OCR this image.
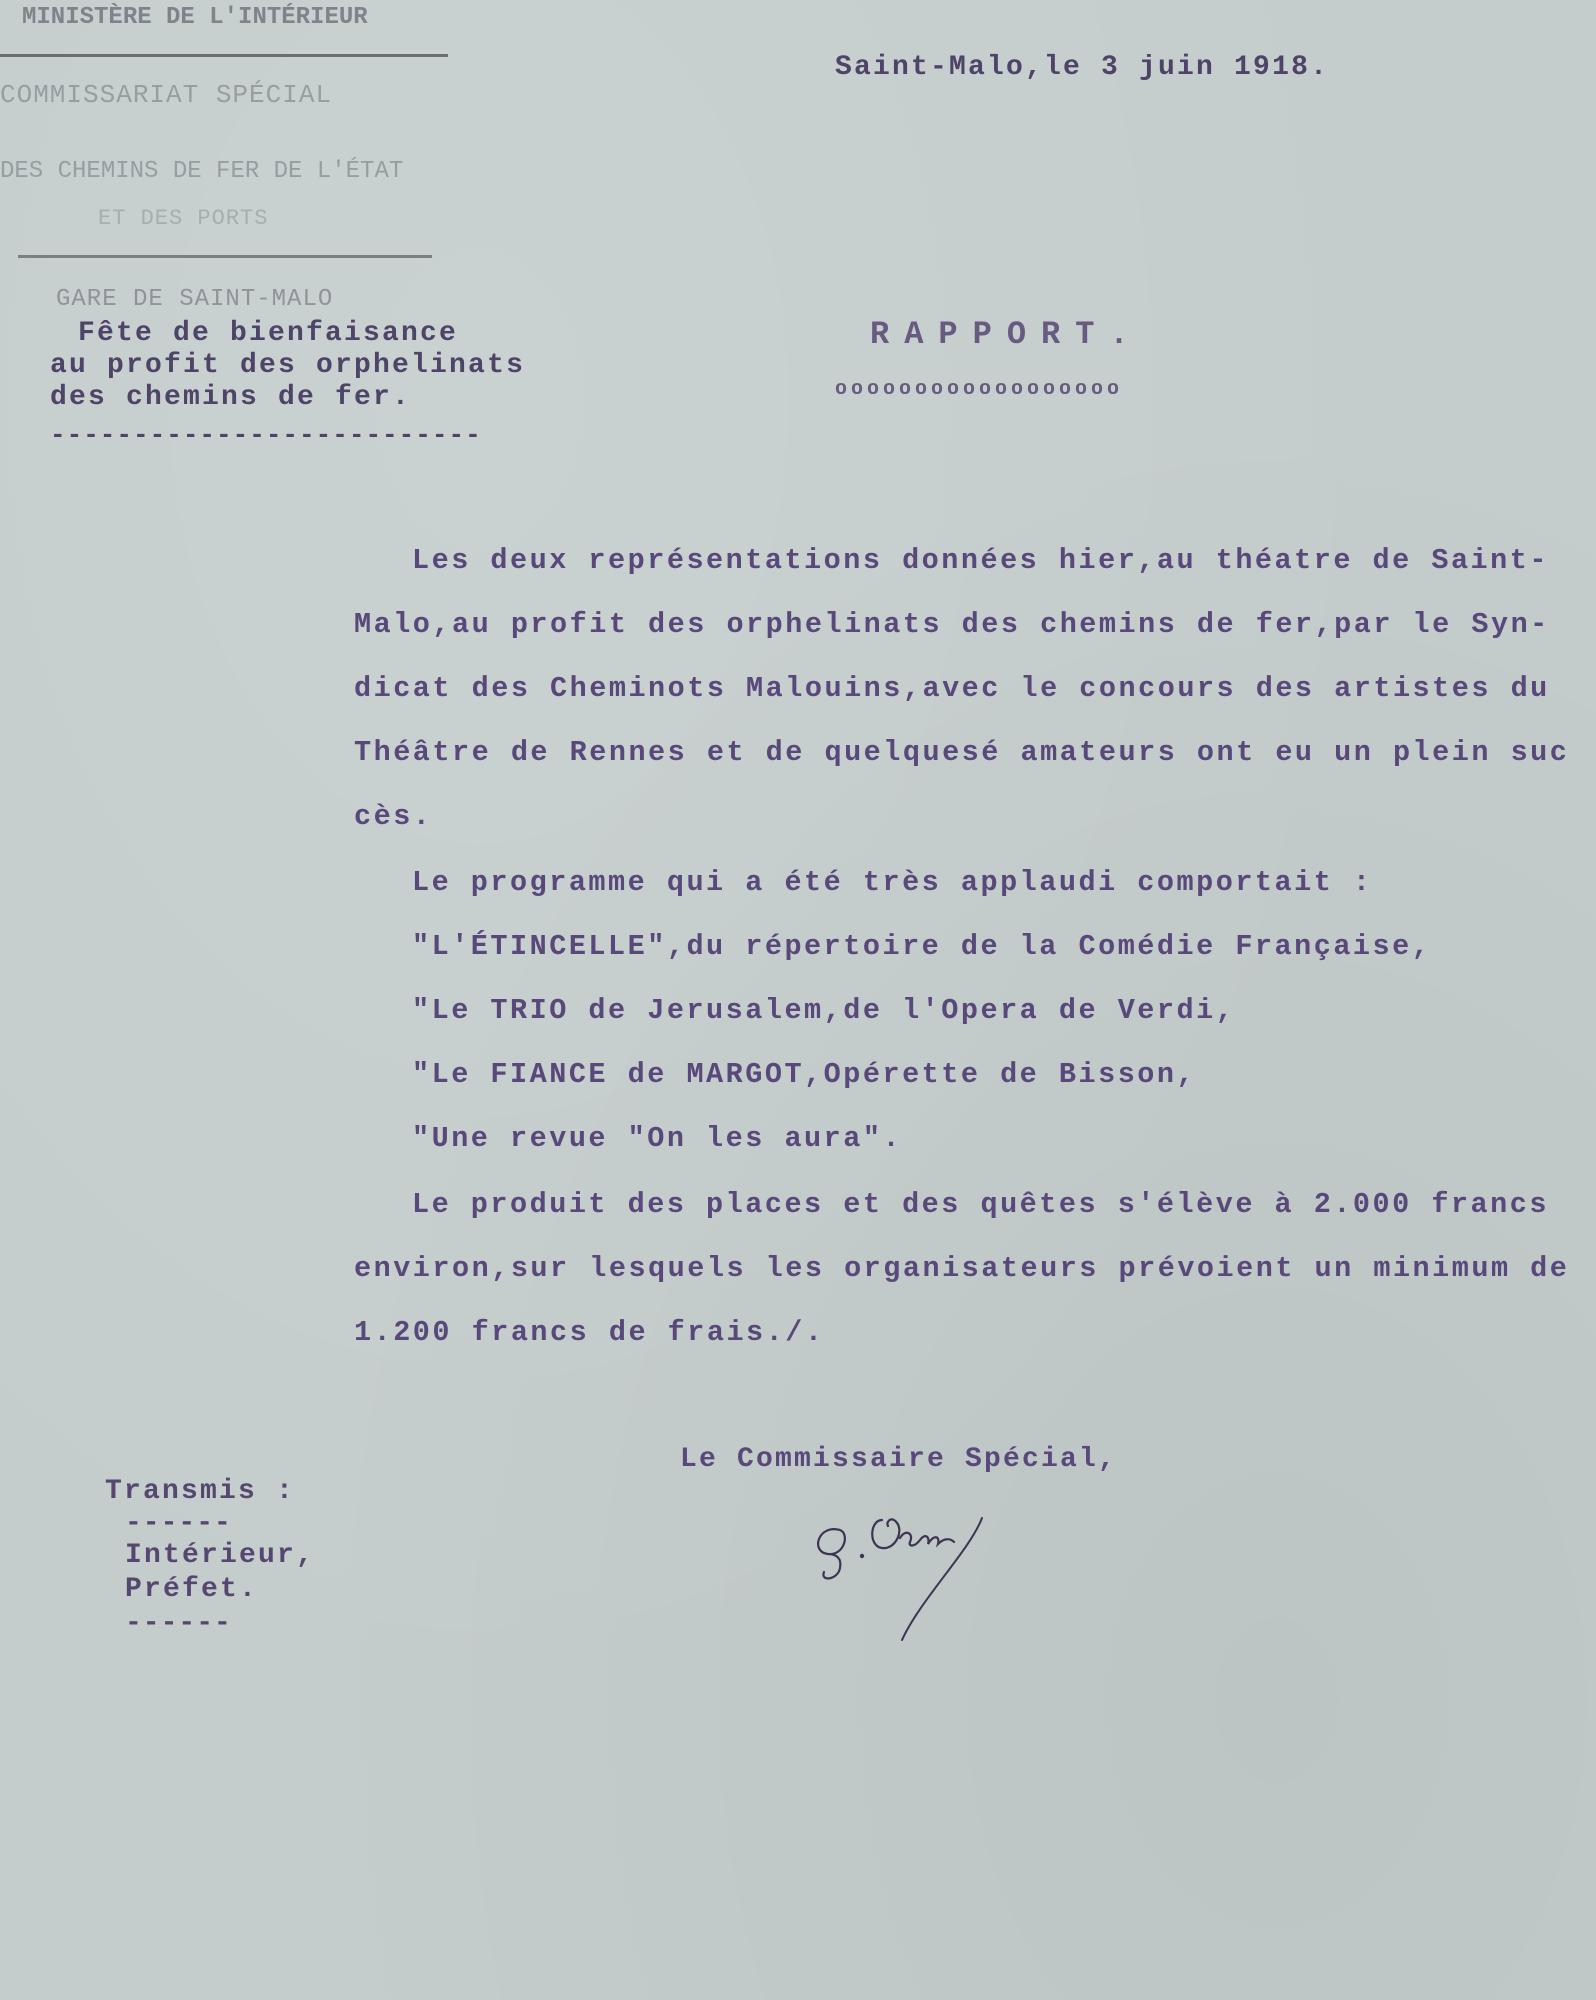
MINISTÈRE DE L'INTÉRIEUR
COMMISSARIAT SPÉCIAL
DES CHEMINS DE FER DE L'ÉTAT
ET DES PORTS
GARE DE SAINT-MALO
Saint-Malo,le 3 juin 1918.
Fête de bienfaisance
au profit des orphelinats
des chemins de fer.
--------------------------
RAPPORT.
oooooooooooooooooo
Les deux représentations données hier,au théatre de Saint-
Malo,au profit des orphelinats des chemins de fer,par le Syn-
dicat des Cheminots Malouins,avec le concours des artistes du
Théâtre de Rennes et de quelquesé amateurs ont eu un plein suc
cès.
Le programme qui a été très applaudi comportait :
"L'ÉTINCELLE",du répertoire de la Comédie Française,
"Le TRIO de Jerusalem,de l'Opera de Verdi,
"Le FIANCE de MARGOT,Opérette de Bisson,
"Une revue "On les aura".
Le produit des places et des quêtes s'élève à 2.000 francs
environ,sur lesquels les organisateurs prévoient un minimum de
1.200 francs de frais./.
Le Commissaire Spécial,
Transmis :
------
Intérieur,
Préfet.
------
